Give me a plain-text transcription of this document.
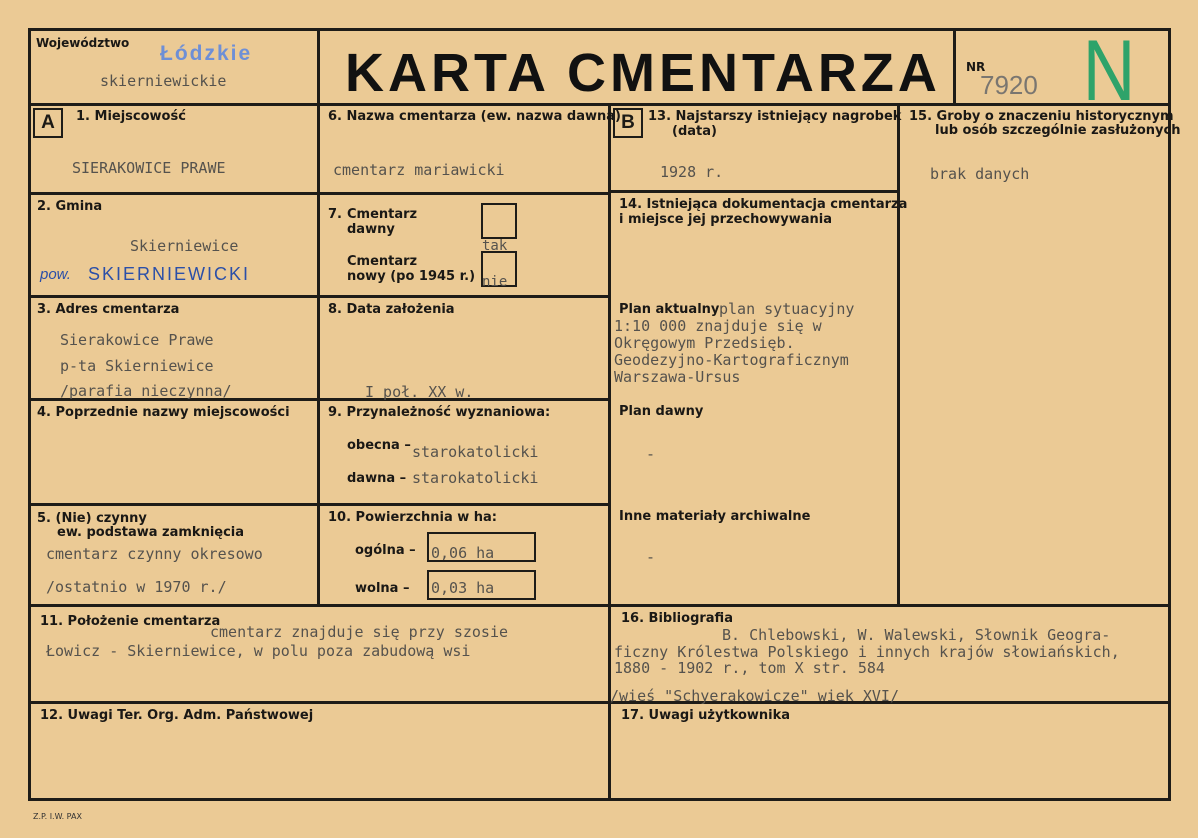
Województwo Łódzkie
skierniewickie KARTA CMENTARZA NR
7920 N
A	1. Miejscowość
SIERAKOWICE PRAWE
2. Gmina
Skierniewice
pow. SKIERNIEWICKI
3. Adres cmentarza
Sierakowice Prawe
p-ta Skierniewice
/parafia nieczynna/
4. Poprzednie nazwy miejscowości
5. (Nie) czynny
ew. podstawa zamknięcia
cmentarz czynny okresowo
/ostatnio w 1970 r./
6. Nazwa cmentarza (ew. nazwa dawna)
cmentarz mariawicki
7. Cmentarz
dawny
Cmentarz
nowy (po 1945 r.)
tak
nie
8. Data założenia
I poł. XX w.
9. Przynależność wyznaniowa:
obecna – starokatolicki
dawna – starokatolicki
10. Powierzchnia w ha:
ogólna – 0,06 ha
wolna – 0,03 ha
B	13. Najstarszy istniejący nagrobek
(data)
1928 r.
14. Istniejąca dokumentacja cmentarza
i miejsce jej przechowywania
Plan aktualny plan sytuacyjny
1:10 000 znajduje się w
Okręgowym Przedsięb.
Geodezyjno-Kartograficznym
Warszawa-Ursus
Plan dawny
-
Inne materiały archiwalne
-
15. Groby o znaczeniu historycznym
lub osób szczególnie zasłużonych
brak danych
11. Położenie cmentarza
cmentarz znajduje się przy szosie
Łowicz - Skierniewice, w polu poza zabudową wsi
16. Bibliografia
B. Chlebowski, W. Walewski, Słownik Geogra-
ficzny Królestwa Polskiego i innych krajów słowiańskich,
1880 - 1902 r., tom X str. 584
/wieś "Schyerakowicze" wiek XVI/
12. Uwagi Ter. Org. Adm. Państwowej	17. Uwagi użytkownika
Z.P. I.W. PAX
